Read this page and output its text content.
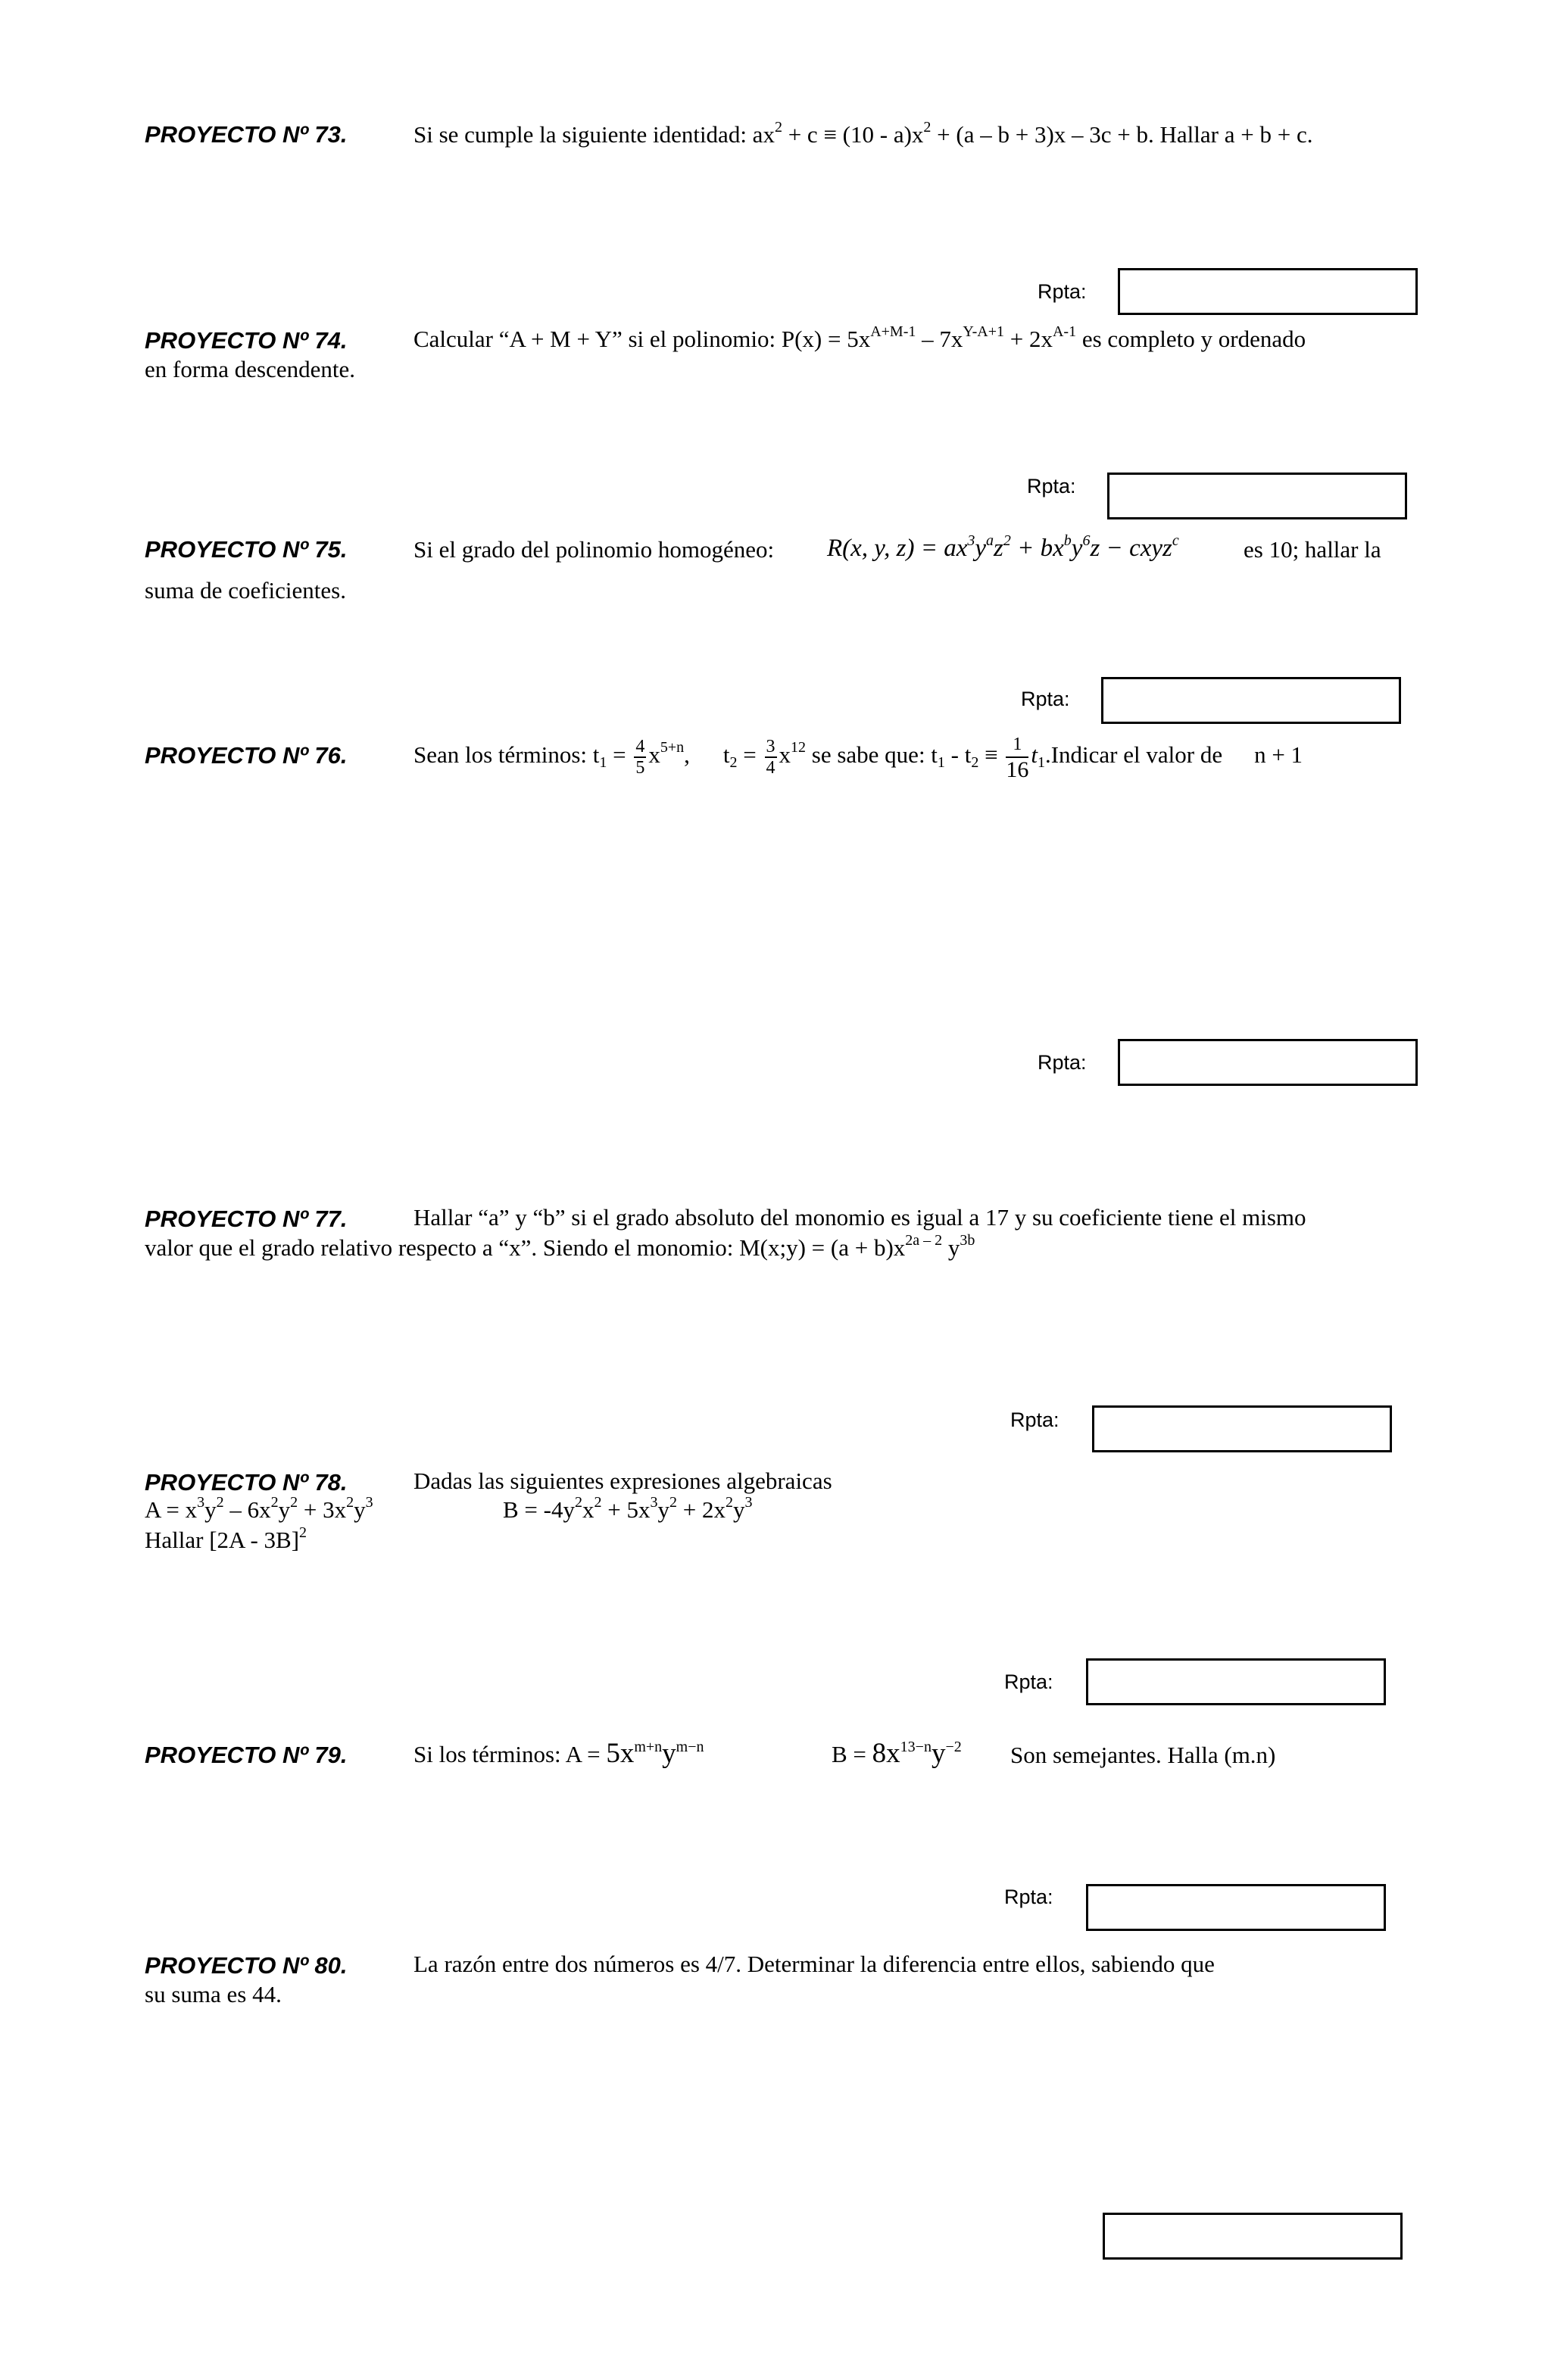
PROYECTO Nº 73.	Si se cumple la siguiente identidad: $ax^2 + c \equiv (10 - a)x^2 + (a - b + 3)x - 3c + b$. Hallar a + b + c.
Rpta:
PROYECTO Nº 74.	Calcular “A + M + Y” si el polinomio: $P(x) = 5x^{A+M-1} - 7x^{Y-A+1} + 2x^{A-1}$ es completo y ordenado
en forma descendente.
Rpta:
PROYECTO Nº 75.	Si el grado del polinomio homogéneo: R(x, y, $z) = ax^3y^az^2 + bx^by^6z$ − cxyz$^c$	es 10; hallar la
suma de coeficientes.
Rpta:
PROYECTO Nº 76.	Sean los términos: $t_1 = \frac{4}{5} x^{5+n}$, $t_2 = \frac{3}{4} x^{12}$ se sabe que: $t_1 - t_2 \equiv \frac{1}{16}$ $t_1.Indicar$ el valor de n + 1
Rpta:
PROYECTO Nº 77.	Hallar “a” y “b” si el grado absoluto del monomio es igual a 17 y su coeficiente tiene el mismo
valor que el grado relativo respecto a “x”. Siendo el monomio: M(x;y) = $(a + b)x^{2a - 2}$ $y^{3b}$
Rpta:
PROYECTO Nº 78.	Dadas las siguientes expresiones algebraicas
$A = x^3y^2 - 6x^2y^2 + 3x^2y^3$	$B = -4y^2x^2 + 5x^3y^2 + 2x^2y^3$
Hallar [2A - 3B]$^2$
Rpta:
PROYECTO Nº 79.	Si los términos: $A = 5x^{m+n}y^{m-n}$	$B = 8x^{13-n}y^{-2}$ Son semejantes. Halla (m.n)
Rpta:
PROYECTO Nº 80.	La razón entre dos números es 4/7. Determinar la diferencia entre ellos, sabiendo que
su suma es 44.
